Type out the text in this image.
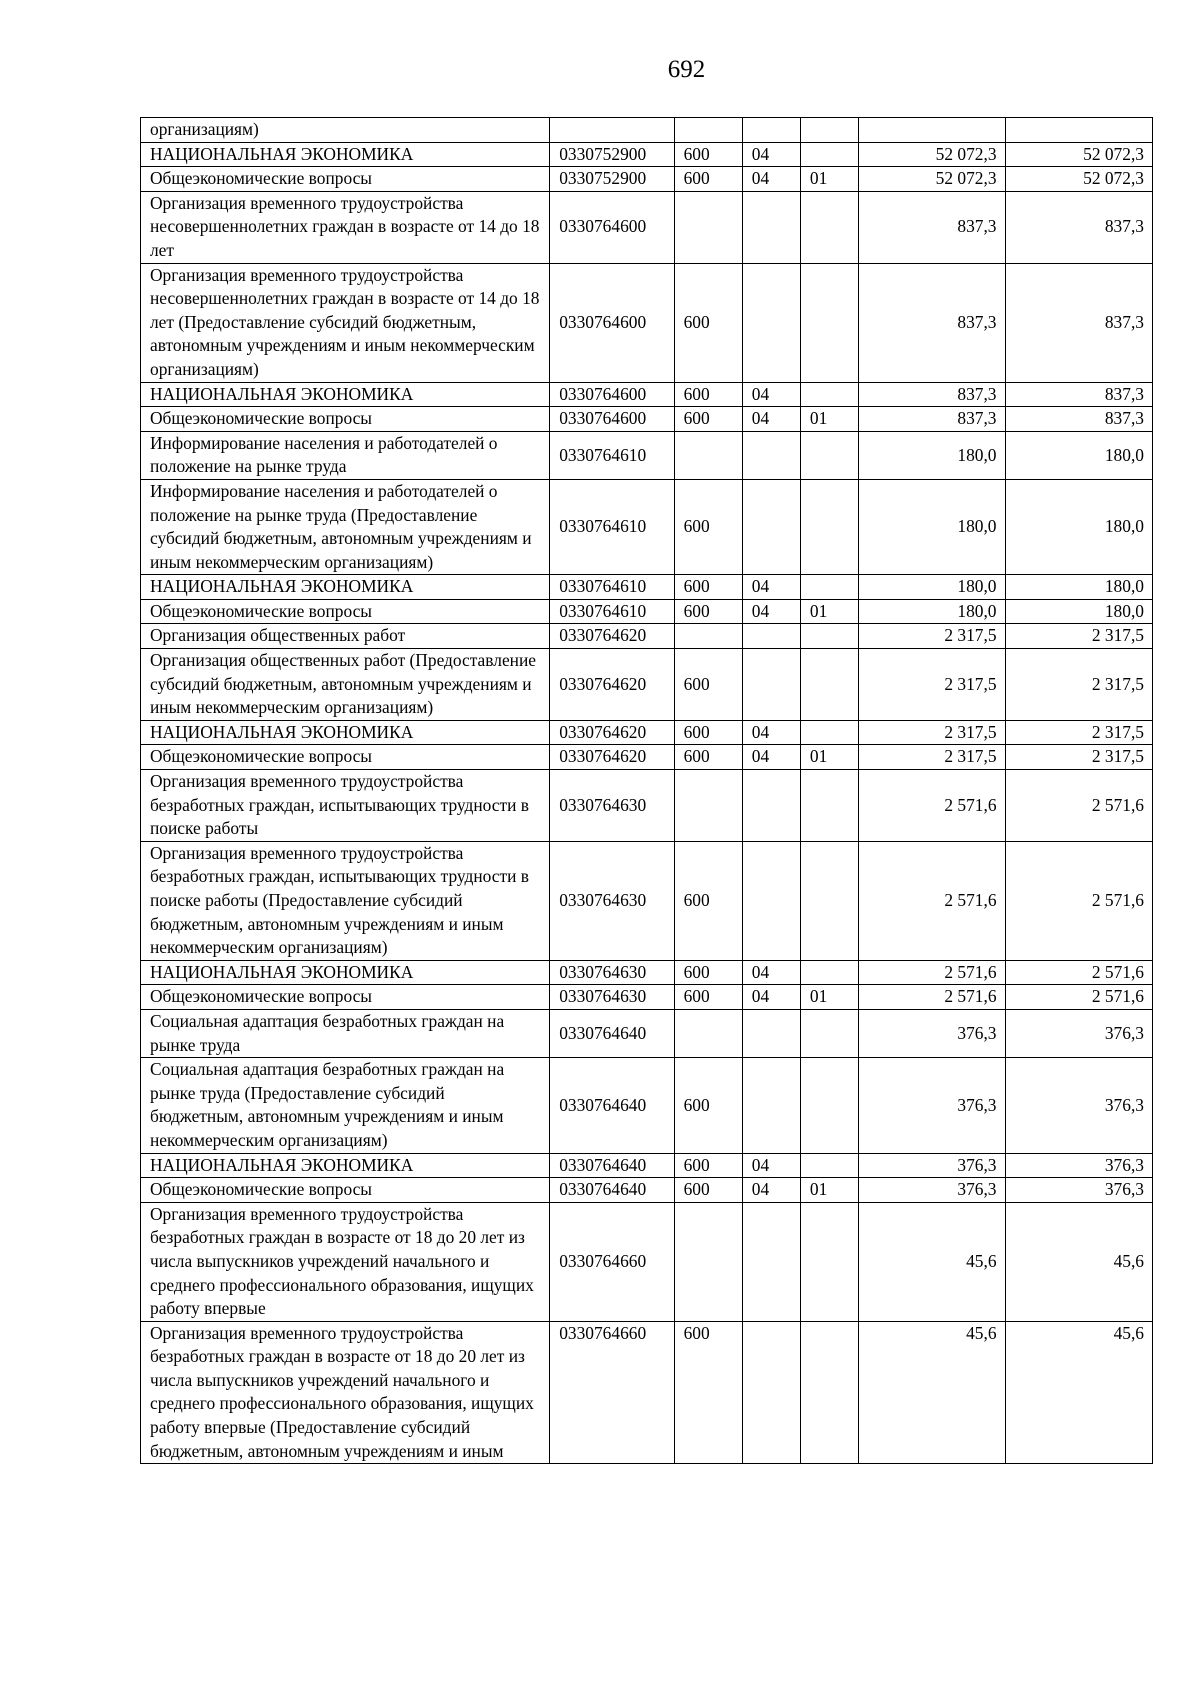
692
организациям)						
НАЦИОНАЛЬНАЯ ЭКОНОМИКА	0330752900	600	04		52 072,3	52 072,3
Общеэкономические вопросы	0330752900	600	04	01	52 072,3	52 072,3
Организация временного трудоустройства несовершеннолетних граждан в возрасте от 14 до 18 лет	0330764600				837,3	837,3
Организация временного трудоустройства несовершеннолетних граждан в возрасте от 14 до 18 лет (Предоставление субсидий бюджетным, автономным учреждениям и иным некоммерческим организациям)	0330764600	600			837,3	837,3
НАЦИОНАЛЬНАЯ ЭКОНОМИКА	0330764600	600	04		837,3	837,3
Общеэкономические вопросы	0330764600	600	04	01	837,3	837,3
Информирование населения и работодателей о положение на рынке труда	0330764610				180,0	180,0
Информирование населения и работодателей о положение на рынке труда (Предоставление субсидий бюджетным, автономным учреждениям и иным некоммерческим организациям)	0330764610	600			180,0	180,0
НАЦИОНАЛЬНАЯ ЭКОНОМИКА	0330764610	600	04		180,0	180,0
Общеэкономические вопросы	0330764610	600	04	01	180,0	180,0
Организация общественных работ	0330764620				2 317,5	2 317,5
Организация общественных работ (Предоставление субсидий бюджетным, автономным учреждениям и иным некоммерческим организациям)	0330764620	600			2 317,5	2 317,5
НАЦИОНАЛЬНАЯ ЭКОНОМИКА	0330764620	600	04		2 317,5	2 317,5
Общеэкономические вопросы	0330764620	600	04	01	2 317,5	2 317,5
Организация временного трудоустройства безработных граждан, испытывающих трудности в поиске работы	0330764630				2 571,6	2 571,6
Организация временного трудоустройства безработных граждан, испытывающих трудности в поиске работы (Предоставление субсидий бюджетным, автономным учреждениям и иным некоммерческим организациям)	0330764630	600			2 571,6	2 571,6
НАЦИОНАЛЬНАЯ ЭКОНОМИКА	0330764630	600	04		2 571,6	2 571,6
Общеэкономические вопросы	0330764630	600	04	01	2 571,6	2 571,6
Социальная адаптация безработных граждан на рынке труда	0330764640				376,3	376,3
Социальная адаптация безработных граждан на рынке труда (Предоставление субсидий бюджетным, автономным учреждениям и иным некоммерческим организациям)	0330764640	600			376,3	376,3
НАЦИОНАЛЬНАЯ ЭКОНОМИКА	0330764640	600	04		376,3	376,3
Общеэкономические вопросы	0330764640	600	04	01	376,3	376,3
Организация временного трудоустройства безработных граждан в возрасте от 18 до 20 лет из числа выпускников учреждений начального и среднего профессионального образования, ищущих работу впервые	0330764660				45,6	45,6
Организация временного трудоустройства безработных граждан в возрасте от 18 до 20 лет из числа выпускников учреждений начального и среднего профессионального образования, ищущих работу впервые (Предоставление субсидий бюджетным, автономным учреждениям и иным	0330764660	600			45,6	45,6
